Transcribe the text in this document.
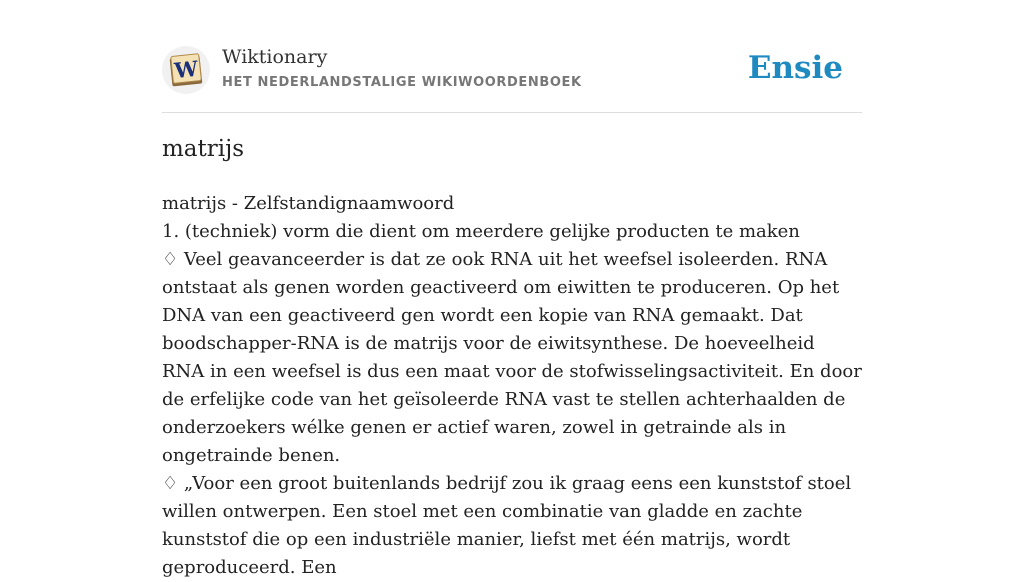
W Wiktionary
HET NEDERLANDSTALIGE WIKIWOORDENBOEK	Ensie
matrijs

matrijs - Zelfstandignaamwoord

1. (techniek) vorm die dient om meerdere gelijke producten te maken

♢ Veel geavanceerder is dat ze ook RNA uit het weefsel isoleerden. RNA ontstaat als genen worden geactiveerd om eiwitten te produceren. Op het DNA van een geactiveerd gen wordt een kopie van RNA gemaakt. Dat boodschapper-RNA is de matrijs voor de eiwitsynthese. De hoeveelheid RNA in een weefsel is dus een maat voor de stofwisselingsactiviteit. En door de erfelijke code van het geïsoleerde RNA vast te stellen achterhaalden de onderzoekers wélke genen er actief waren, zowel in getrainde als in ongetrainde benen.

♢ „Voor een groot buitenlands bedrijf zou ik graag eens een kunststof stoel willen ontwerpen. Een stoel met een combinatie van gladde en zachte kunststof die op een industriële manier, liefst met één matrijs, wordt geproduceerd. Een
